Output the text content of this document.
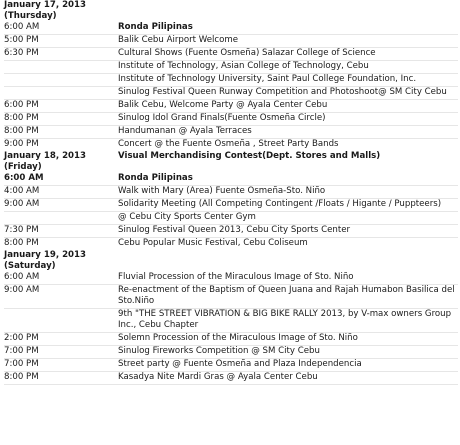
January 17, 2013
(Thursday)
6:00 AM	Ronda Pilipinas
5:00 PM	Balik Cebu Airport Welcome
6:30 PM	Cultural Shows (Fuente Osmeña) Salazar College of Science
Institute of Technology, Asian College of Technology, Cebu
Institute of Technology University, Saint Paul College Foundation, Inc.
Sinulog Festival Queen Runway Competition and Photoshoot@ SM City Cebu
6:00 PM	Balik Cebu, Welcome Party @ Ayala Center Cebu
8:00 PM	Sinulog Idol Grand Finals(Fuente Osmeña Circle)
8:00 PM	Handumanan @ Ayala Terraces
9:00 PM	Concert @ the Fuente Osmeña , Street Party Bands
January 18, 2013	Visual Merchandising Contest(Dept. Stores and Malls)
(Friday)
6:00 AM	Ronda Pilipinas
4:00 AM	Walk with Mary (Area) Fuente Osmeña-Sto. Niño
9:00 AM	Solidarity Meeting (All Competing Contingent /Floats / Higante / Puppteers)
@ Cebu City Sports Center Gym
7:30 PM	Sinulog Festival Queen 2013, Cebu City Sports Center
8:00 PM	Cebu Popular Music Festival, Cebu Coliseum
January 19, 2013
(Saturday)
6:00 AM	Fluvial Procession of the Miraculous Image of Sto. Niño
9:00 AM	Re-enactment of the Baptism of Queen Juana and Rajah Humabon Basilica del Sto.Niño
9th "THE STREET VIBRATION & BIG BIKE RALLY 2013, by V-max owners Group Inc., Cebu Chapter
2:00 PM	Solemn Procession of the Miraculous Image of Sto. Niño
7:00 PM	Sinulog Fireworks Competition @ SM City Cebu
7:00 PM	Street party @ Fuente Osmeña and Plaza Independencia
8:00 PM	Kasadya Nite Mardi Gras @ Ayala Center Cebu
